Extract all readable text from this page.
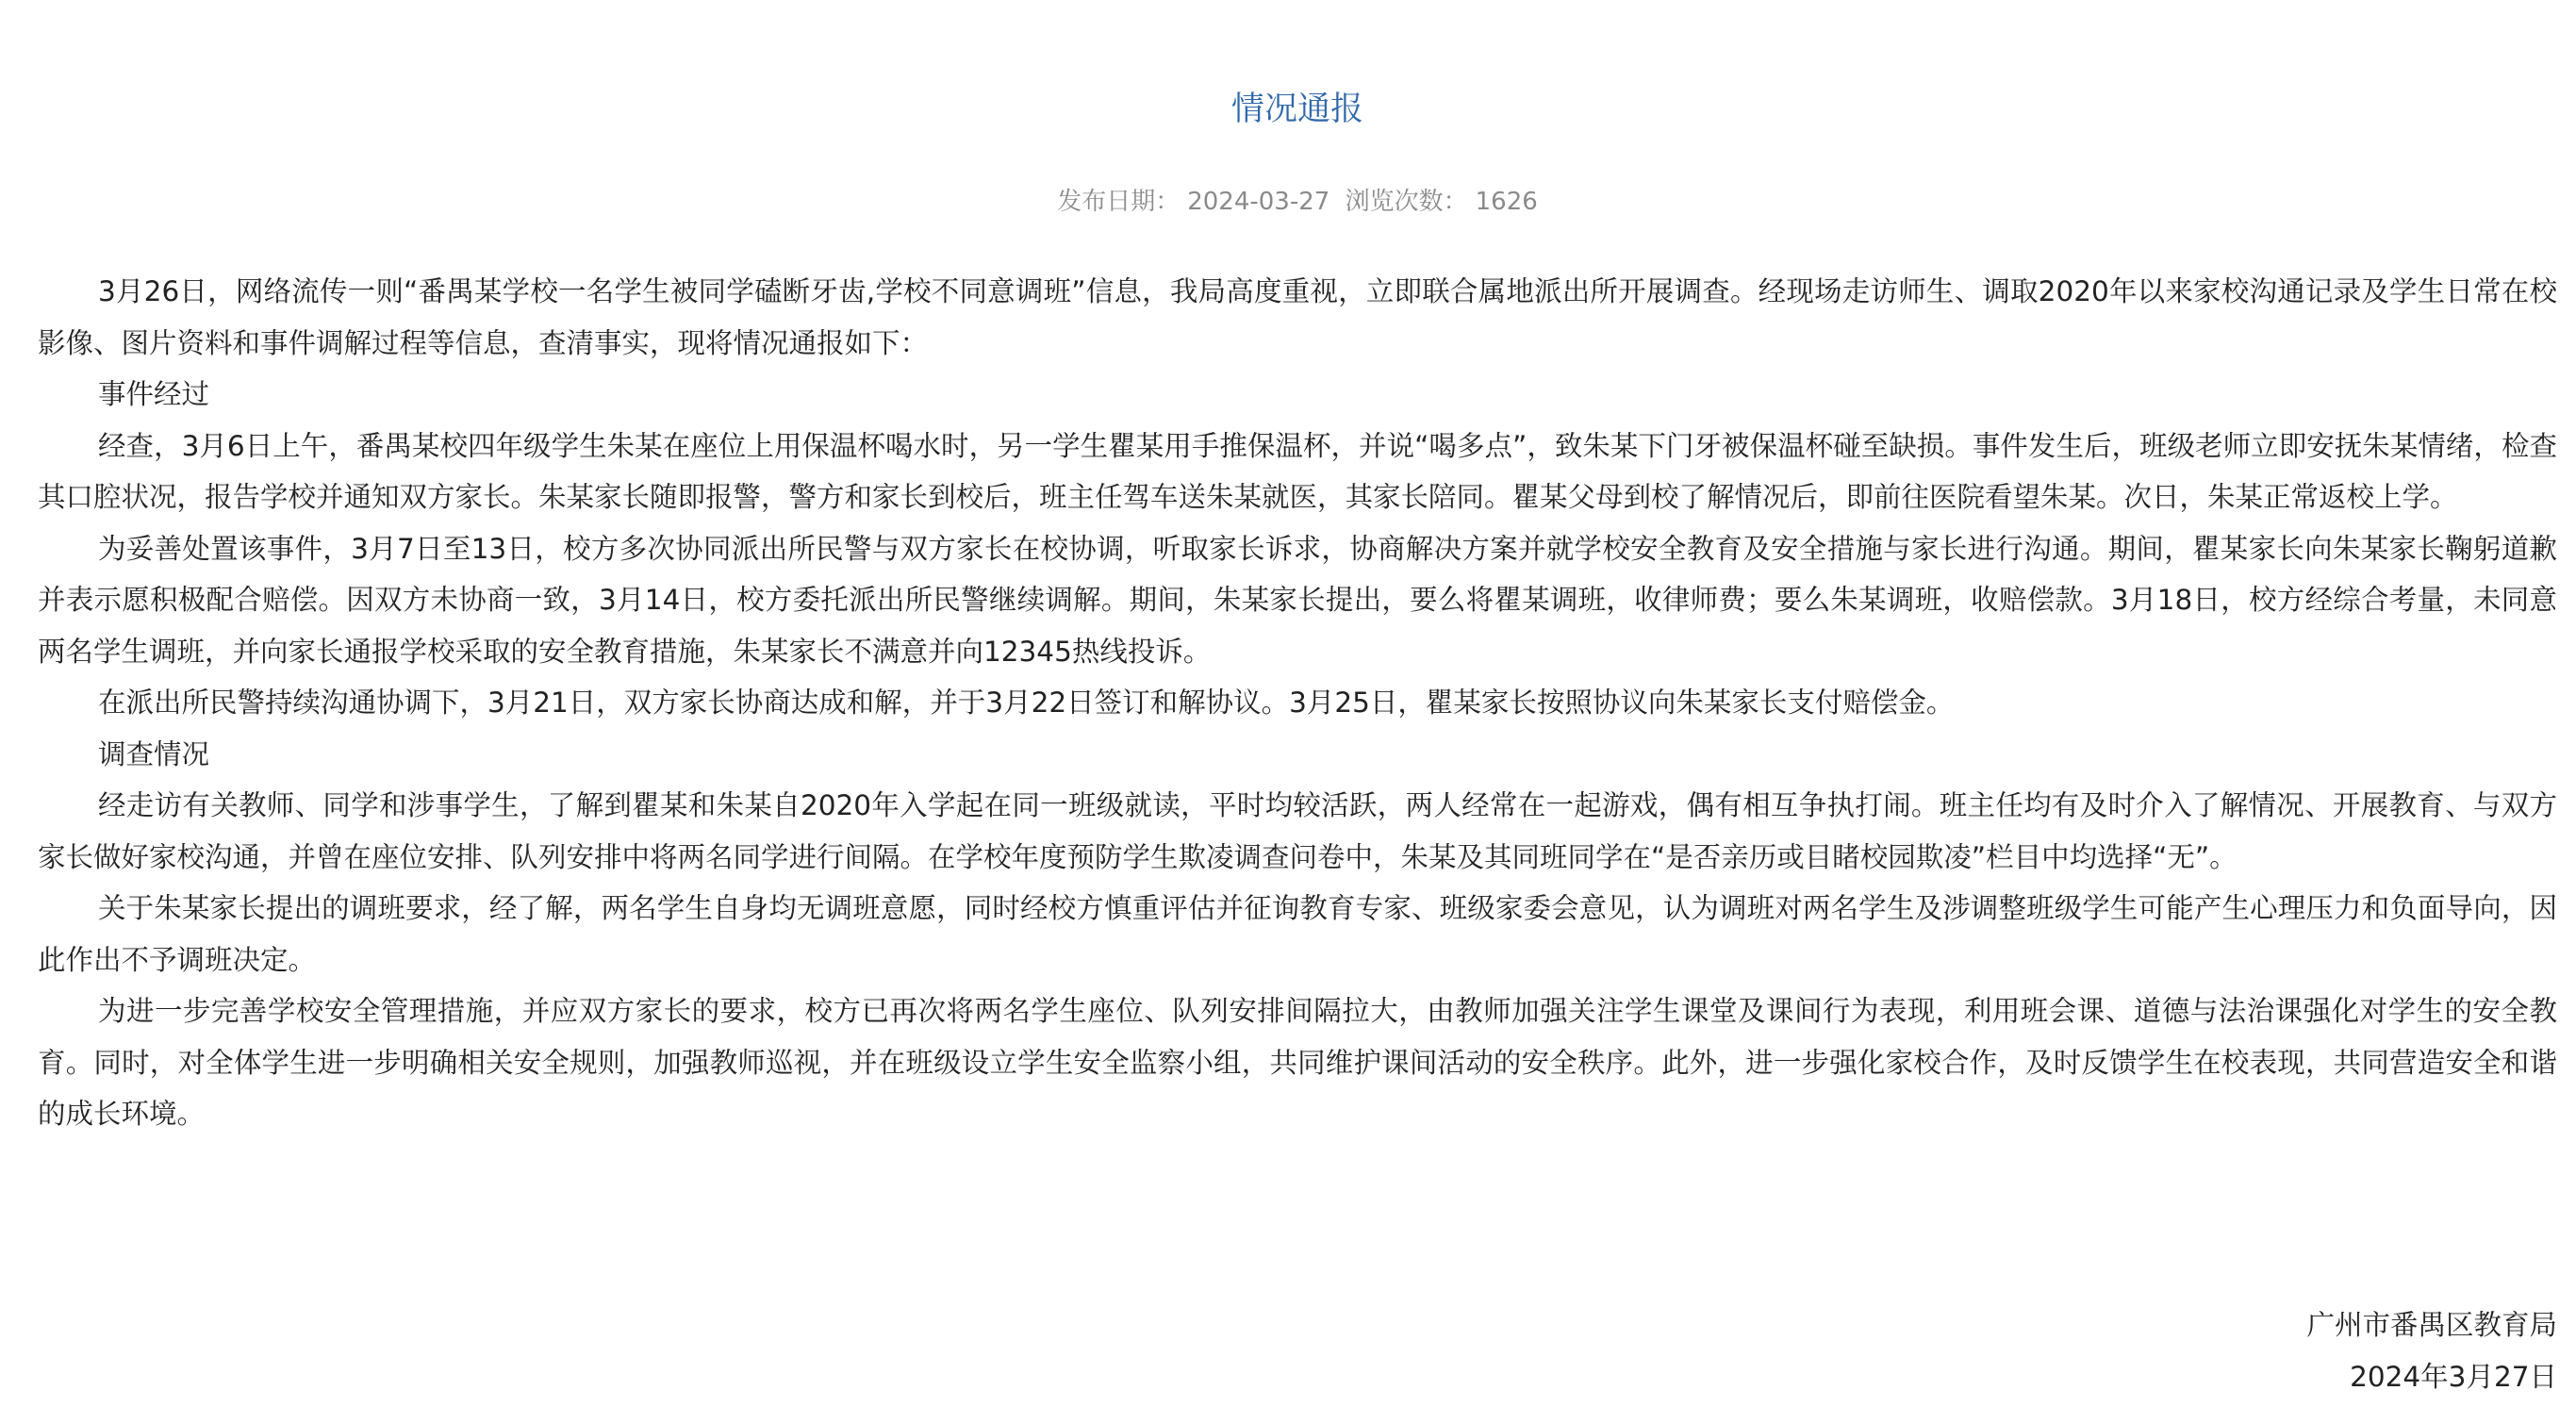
情况通报
发布日期： 2024-03-27 浏览次数： 1626

3月26日，网络流传一则“番禺某学校一名学生被同学磕断牙齿,学校不同意调班”信息，我局高度重视，立即联合属地派出所开展调查。经现场走访师生、调取2020年以来家校沟通记录及学生日常在校影像、图片资料和事件调解过程等信息，查清事实，现将情况通报如下：

事件经过

经查，3月6日上午，番禺某校四年级学生朱某在座位上用保温杯喝水时，另一学生瞿某用手推保温杯，并说“喝多点”，致朱某下门牙被保温杯碰至缺损。事件发生后，班级老师立即安抚朱某情绪，检查其口腔状况，报告学校并通知双方家长。朱某家长随即报警，警方和家长到校后，班主任驾车送朱某就医，其家长陪同。瞿某父母到校了解情况后，即前往医院看望朱某。次日，朱某正常返校上学。

为妥善处置该事件，3月7日至13日，校方多次协同派出所民警与双方家长在校协调，听取家长诉求，协商解决方案并就学校安全教育及安全措施与家长进行沟通。期间，瞿某家长向朱某家长鞠躬道歉并表示愿积极配合赔偿。因双方未协商一致，3月14日，校方委托派出所民警继续调解。期间，朱某家长提出，要么将瞿某调班，收律师费；要么朱某调班，收赔偿款。3月18日，校方经综合考量，未同意两名学生调班，并向家长通报学校采取的安全教育措施，朱某家长不满意并向12345热线投诉。

在派出所民警持续沟通协调下，3月21日，双方家长协商达成和解，并于3月22日签订和解协议。3月25日，瞿某家长按照协议向朱某家长支付赔偿金。

调查情况

经走访有关教师、同学和涉事学生，了解到瞿某和朱某自2020年入学起在同一班级就读，平时均较活跃，两人经常在一起游戏，偶有相互争执打闹。班主任均有及时介入了解情况、开展教育、与双方家长做好家校沟通，并曾在座位安排、队列安排中将两名同学进行间隔。在学校年度预防学生欺凌调查问卷中，朱某及其同班同学在“是否亲历或目睹校园欺凌”栏目中均选择“无”。

关于朱某家长提出的调班要求，经了解，两名学生自身均无调班意愿，同时经校方慎重评估并征询教育专家、班级家委会意见，认为调班对两名学生及涉调整班级学生可能产生心理压力和负面导向，因此作出不予调班决定。

为进一步完善学校安全管理措施，并应双方家长的要求，校方已再次将两名学生座位、队列安排间隔拉大，由教师加强关注学生课堂及课间行为表现，利用班会课、道德与法治课强化对学生的安全教育。同时，对全体学生进一步明确相关安全规则，加强教师巡视，并在班级设立学生安全监察小组，共同维护课间活动的安全秩序。此外，进一步强化家校合作，及时反馈学生在校表现，共同营造安全和谐的成长环境。

广州市番禺区教育局
2024年3月27日
